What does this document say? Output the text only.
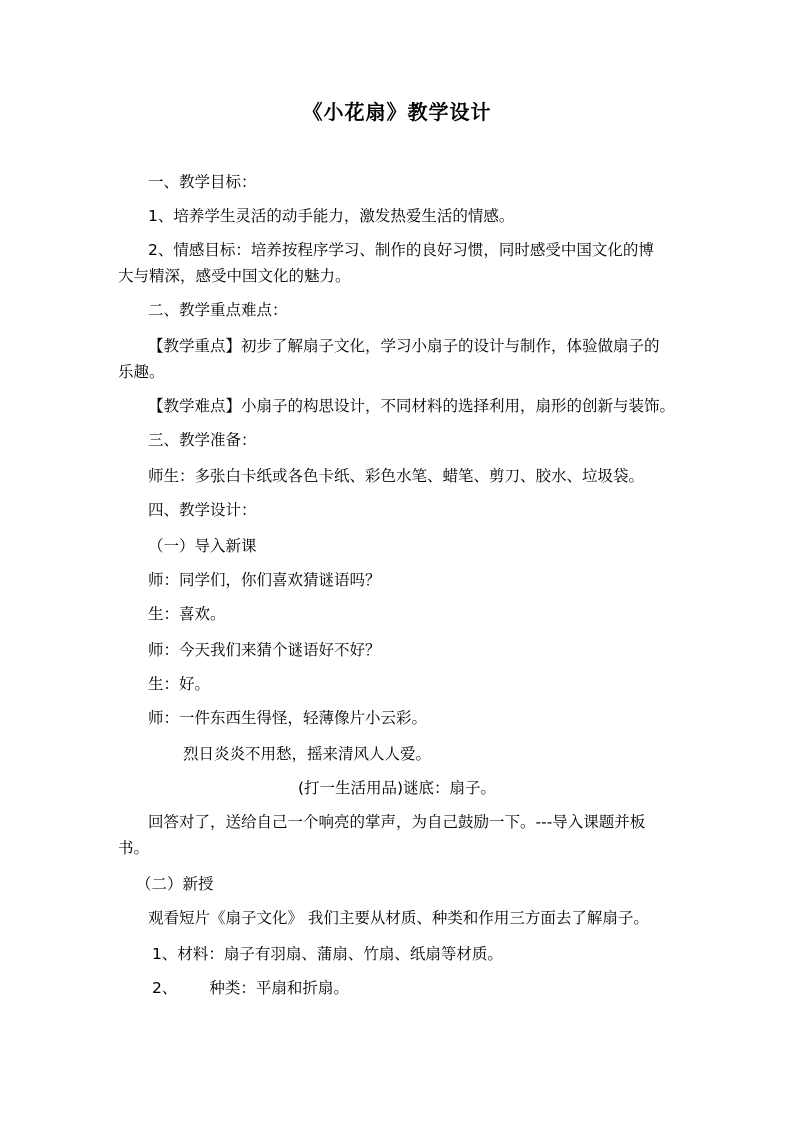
《小花扇》教学设计
一、教学目标：
1、培养学生灵活的动手能力，激发热爱生活的情感。
2、情感目标：培养按程序学习、制作的良好习惯，同时感受中国文化的博
大与精深，感受中国文化的魅力。
二、教学重点难点：
【教学重点】初步了解扇子文化，学习小扇子的设计与制作，体验做扇子的
乐趣。
【教学难点】小扇子的构思设计，不同材料的选择利用，扇形的创新与装饰。
三、教学准备：
师生：多张白卡纸或各色卡纸、彩色水笔、蜡笔、剪刀、胶水、垃圾袋。
四、教学设计：
（一）导入新课
师：同学们，你们喜欢猜谜语吗？
生：喜欢。
师：今天我们来猜个谜语好不好？
生：好。
师：一件东西生得怪，轻薄像片小云彩。
烈日炎炎不用愁，摇来清风人人爱。
(打一生活用品)谜底：扇子。
回答对了，送给自己一个响亮的掌声，为自己鼓励一下。---导入课题并板
书。
（二）新授
观看短片《扇子文化》 我们主要从材质、种类和作用三方面去了解扇子。
1、材料：扇子有羽扇、蒲扇、竹扇、纸扇等材质。
2、 种类：平扇和折扇。
